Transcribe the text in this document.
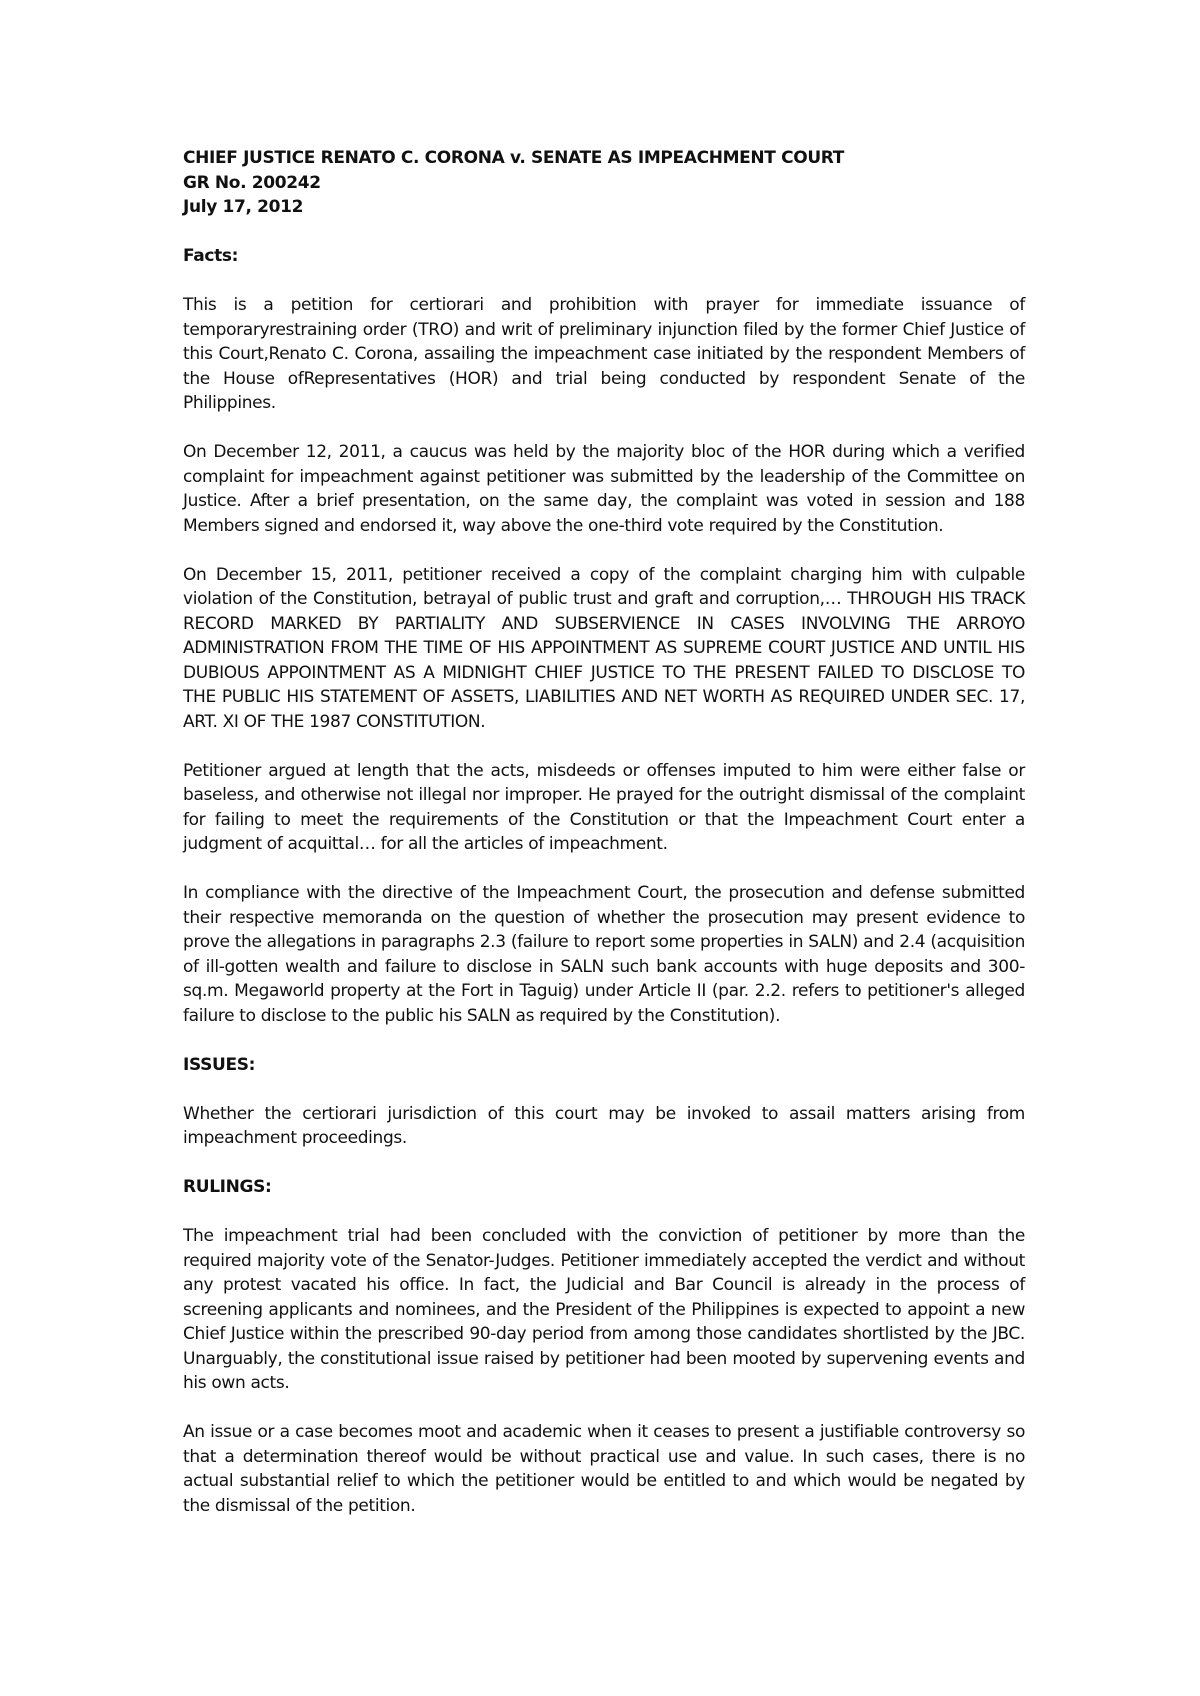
CHIEF JUSTICE RENATO C. CORONA v. SENATE AS IMPEACHMENT COURT
GR No. 200242
July 17, 2012
Facts:

This is a petition for certiorari and prohibition with prayer for immediate issuance of temporaryrestraining order (TRO) and writ of preliminary injunction filed by the former Chief Justice of this Court,Renato C. Corona, assailing the impeachment case initiated by the respondent Members of the House ofRepresentatives (HOR) and trial being conducted by respondent Senate of the Philippines.

On December 12, 2011, a caucus was held by the majority bloc of the HOR during which a verified complaint for impeachment against petitioner was submitted by the leadership of the Committee on Justice. After a brief presentation, on the same day, the complaint was voted in session and 188 Members signed and endorsed it, way above the one-third vote required by the Constitution.

On December 15, 2011, petitioner received a copy of the complaint charging him with culpable violation of the Constitution, betrayal of public trust and graft and corruption,… THROUGH HIS TRACK RECORD MARKED BY PARTIALITY AND SUBSERVIENCE IN CASES INVOLVING THE ARROYO ADMINISTRATION FROM THE TIME OF HIS APPOINTMENT AS SUPREME COURT JUSTICE AND UNTIL HIS DUBIOUS APPOINTMENT AS A MIDNIGHT CHIEF JUSTICE TO THE PRESENT FAILED TO DISCLOSE TO THE PUBLIC HIS STATEMENT OF ASSETS, LIABILITIES AND NET WORTH AS REQUIRED UNDER SEC. 17, ART. XI OF THE 1987 CONSTITUTION.

Petitioner argued at length that the acts, misdeeds or offenses imputed to him were either false or baseless, and otherwise not illegal nor improper. He prayed for the outright dismissal of the complaint for failing to meet the requirements of the Constitution or that the Impeachment Court enter a judgment of acquittal… for all the articles of impeachment.

In compliance with the directive of the Impeachment Court, the prosecution and defense submitted their respective memoranda on the question of whether the prosecution may present evidence to prove the allegations in paragraphs 2.3 (failure to report some properties in SALN) and 2.4 (acquisition of ill-gotten wealth and failure to disclose in SALN such bank accounts with huge deposits and 300-sq.m. Megaworld property at the Fort in Taguig) under Article II (par. 2.2. refers to petitioner's alleged failure to disclose to the public his SALN as required by the Constitution).

ISSUES:

Whether the certiorari jurisdiction of this court may be invoked to assail matters arising from impeachment proceedings.

RULINGS:

The impeachment trial had been concluded with the conviction of petitioner by more than the required majority vote of the Senator-Judges. Petitioner immediately accepted the verdict and without any protest vacated his office. In fact, the Judicial and Bar Council is already in the process of screening applicants and nominees, and the President of the Philippines is expected to appoint a new Chief Justice within the prescribed 90-day period from among those candidates shortlisted by the JBC. Unarguably, the constitutional issue raised by petitioner had been mooted by supervening events and his own acts.

An issue or a case becomes moot and academic when it ceases to present a justifiable controversy so that a determination thereof would be without practical use and value. In such cases, there is no actual substantial relief to which the petitioner would be entitled to and which would be negated by the dismissal of the petition.
